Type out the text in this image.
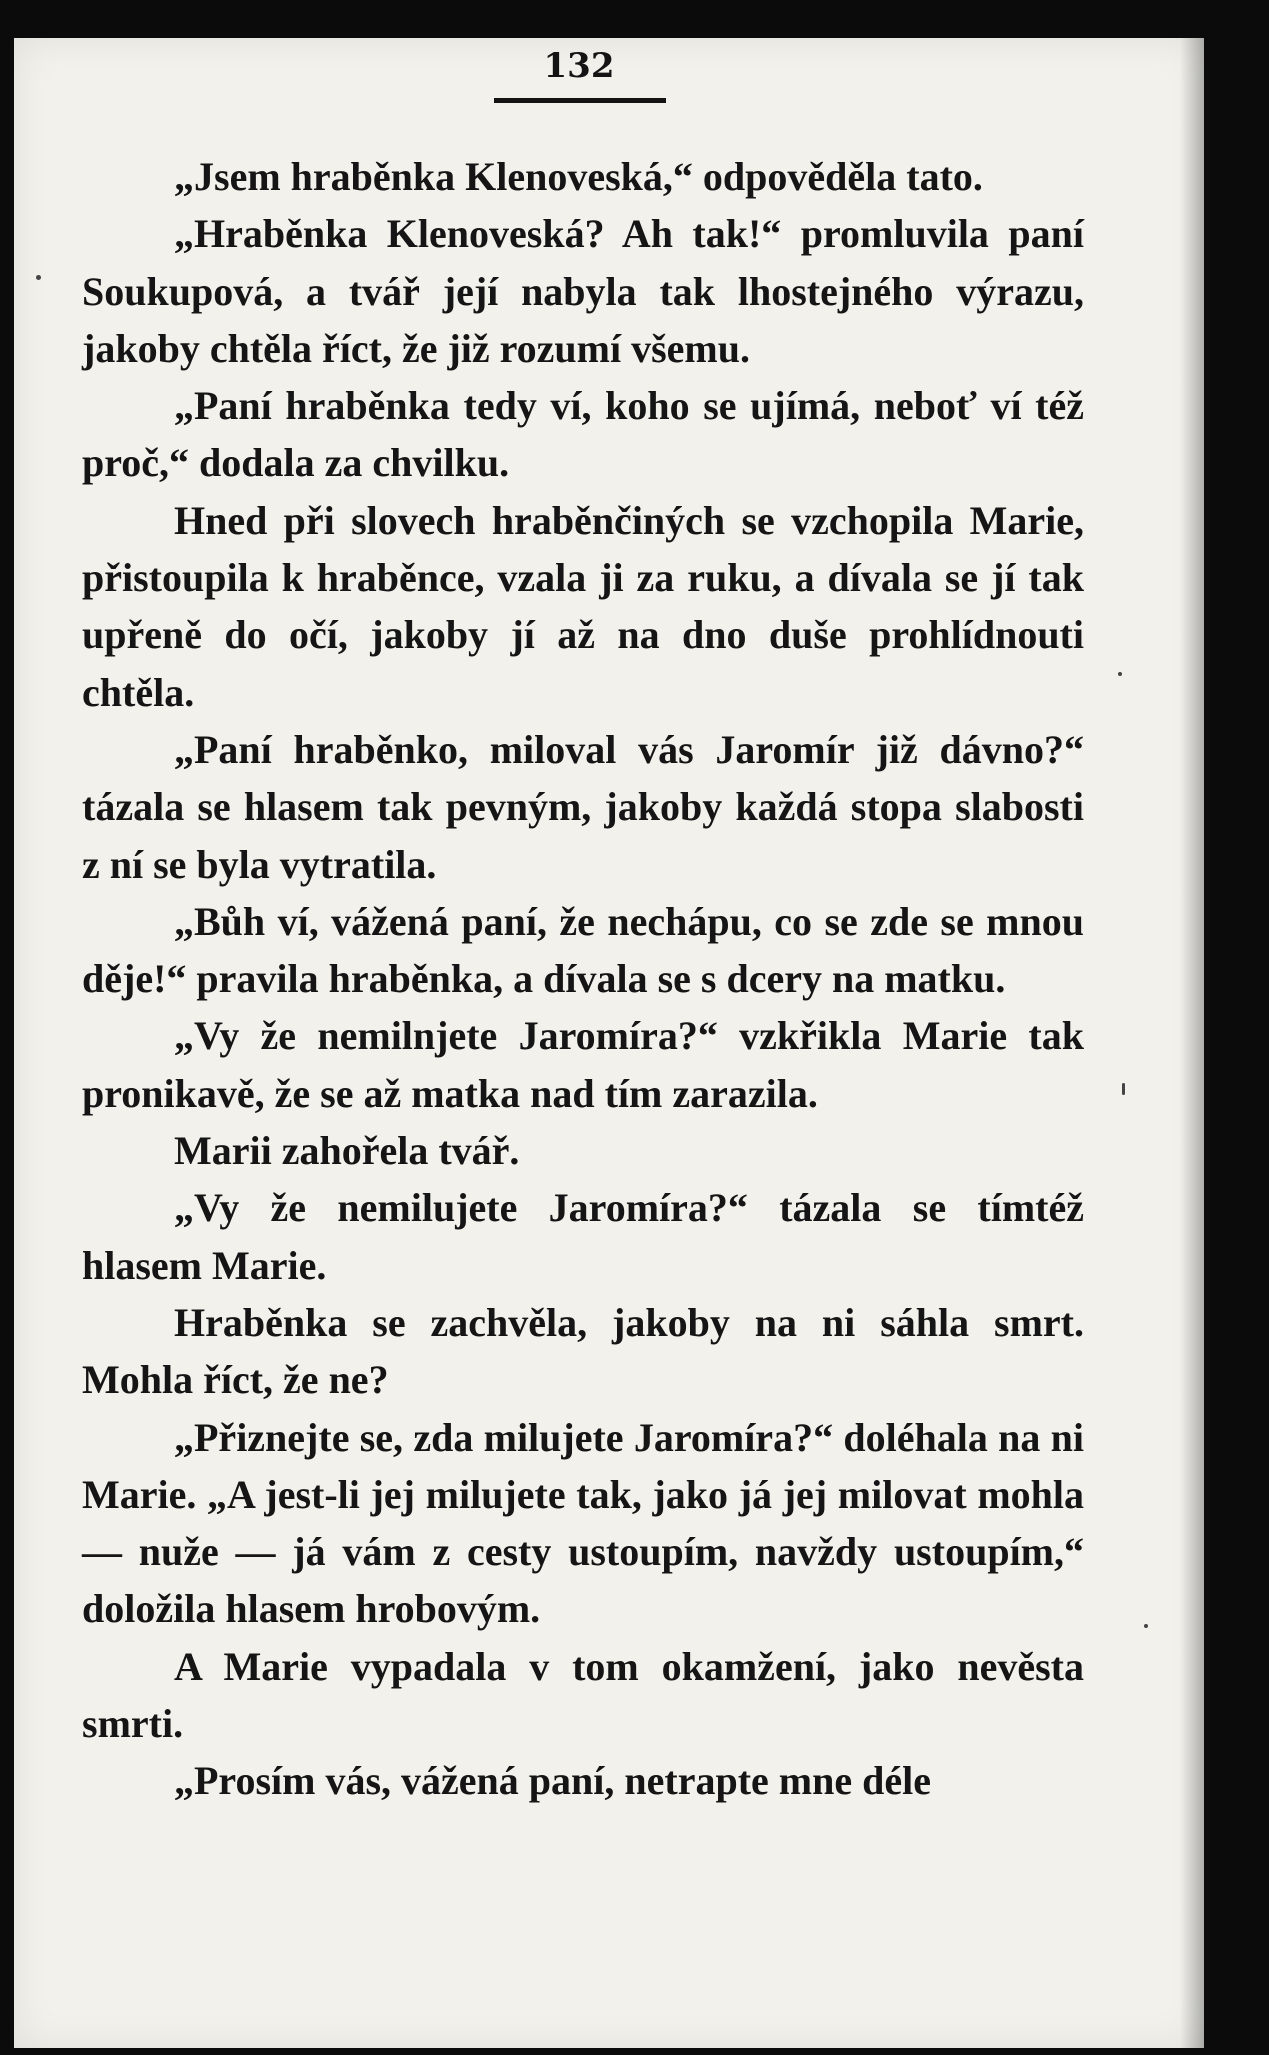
132

„Jsem hraběnka Klenoveská,“ odpověděla tato.

„Hraběnka Klenoveská? Ah tak!“ promluvila paní Soukupová, a tvář její nabyla tak lhostejného výrazu, jakoby chtěla říct, že již rozumí všemu.

„Paní hraběnka tedy ví, koho se ujímá, neboť ví též proč,“ dodala za chvilku.

Hned při slovech hraběnčiných se vzchopila Marie, přistoupila k hraběnce, vzala ji za ruku, a dívala se jí tak upřeně do očí, jakoby jí až na dno duše prohlídnouti chtěla.

„Paní hraběnko, miloval vás Jaromír již dávno?“ tázala se hlasem tak pevným, jakoby každá stopa slabosti z ní se byla vytratila.

„Bůh ví, vážená paní, že nechápu, co se zde se mnou děje!“ pravila hraběnka, a dívala se s dcery na matku.

„Vy že nemilnjete Jaromíra?“ vzkřikla Marie tak pronikavě, že se až matka nad tím zarazila.

Marii zahořela tvář.

„Vy že nemilujete Jaromíra?“ tázala se tímtéž hlasem Marie.

Hraběnka se zachvěla, jakoby na ni sáhla smrt. Mohla říct, že ne?

„Přiznejte se, zda milujete Jaromíra?“ doléhala na ni Marie. „A jest-li jej milujete tak, jako já jej milovat mohla — nuže — já vám z cesty ustoupím, navždy ustoupím,“ doložila hlasem hrobovým.

A Marie vypadala v tom okamžení, jako nevěsta smrti.

„Prosím vás, vážená paní, netrapte mne déle
